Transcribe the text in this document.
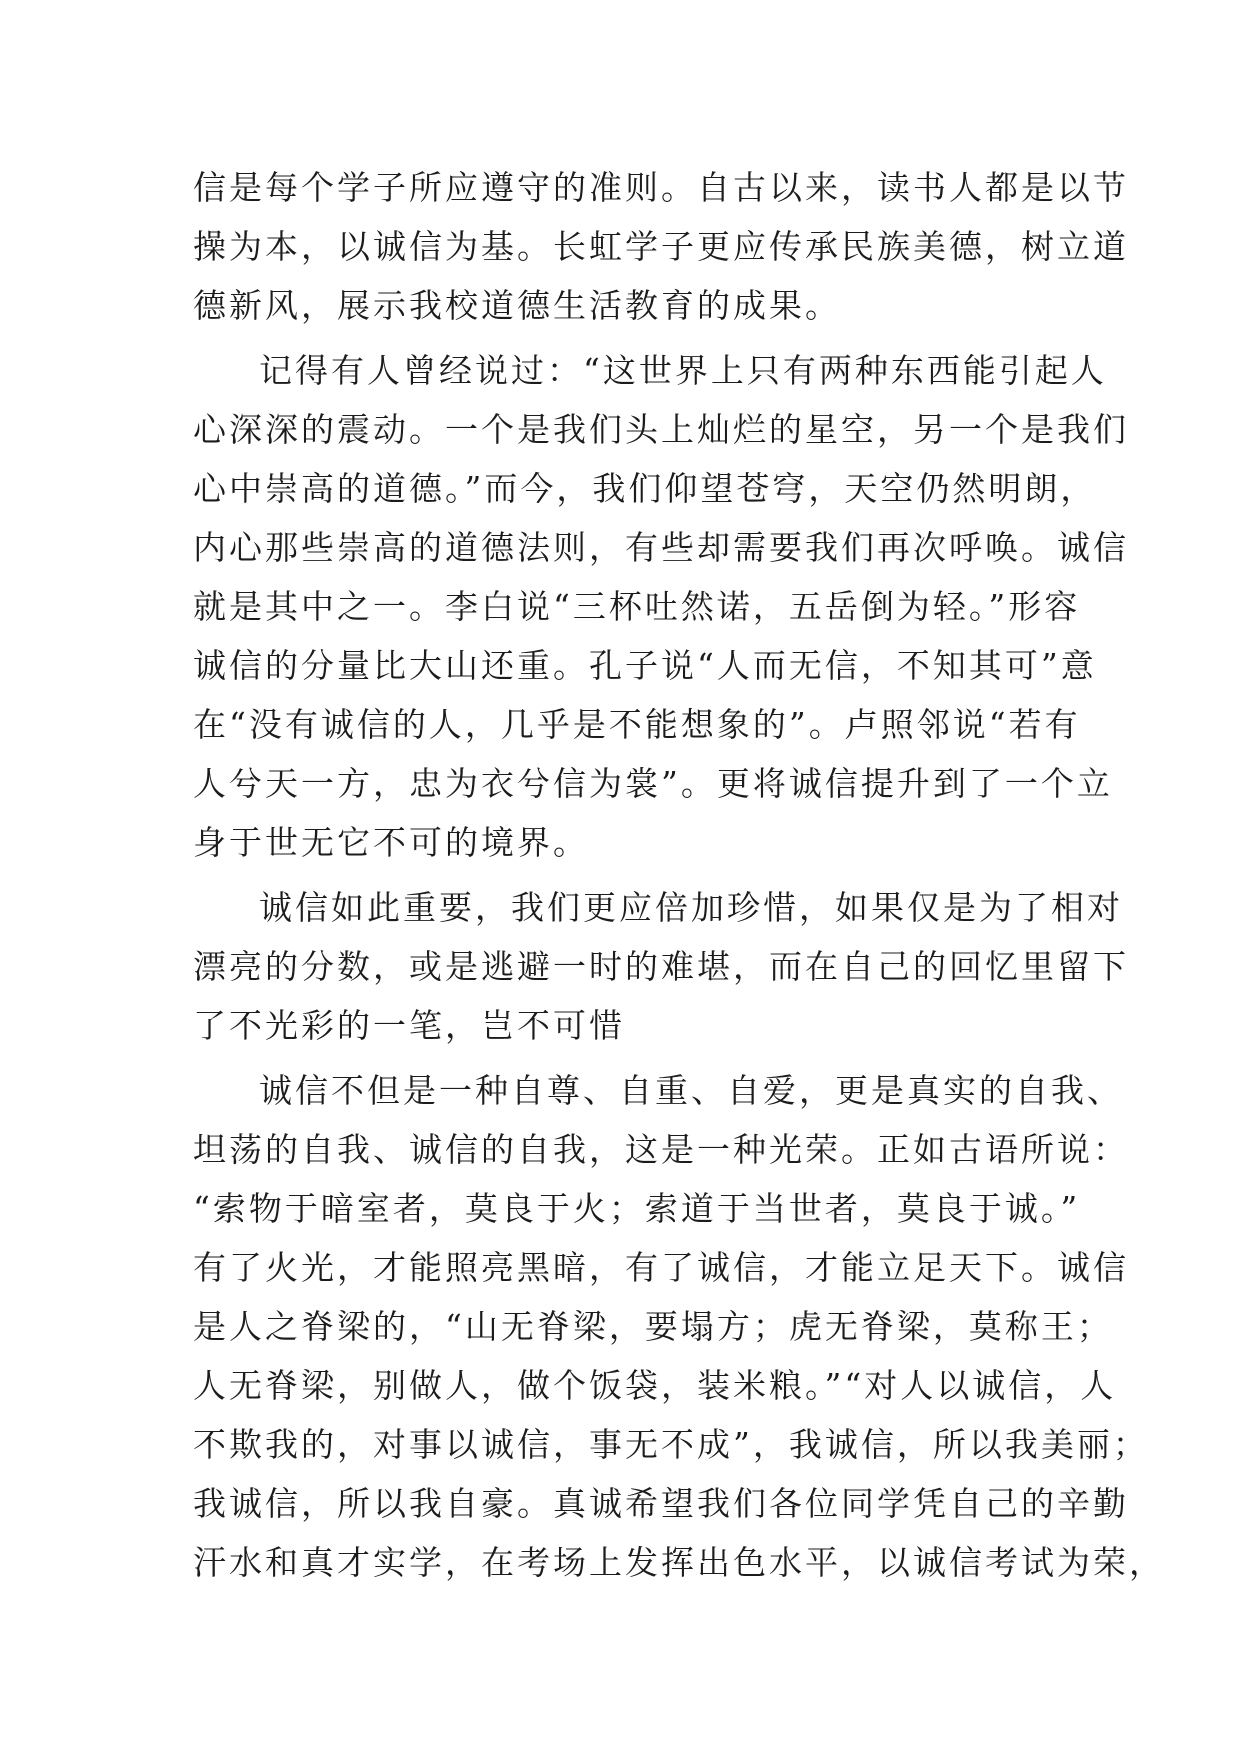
信是每个学子所应遵守的准则。自古以来，读书人都是以节
操为本，以诚信为基。长虹学子更应传承民族美德，树立道
德新风，展示我校道德生活教育的成果。
记得有人曾经说过：“这世界上只有两种东西能引起人
心深深的震动。一个是我们头上灿烂的星空，另一个是我们
心中崇高的道德。”而今，我们仰望苍穹，天空仍然明朗，
内心那些崇高的道德法则，有些却需要我们再次呼唤。诚信
就是其中之一。李白说“三杯吐然诺，五岳倒为轻。”形容
诚信的分量比大山还重。孔子说“人而无信，不知其可”意
在“没有诚信的人，几乎是不能想象的”。卢照邻说“若有
人兮天一方，忠为衣兮信为裳”。更将诚信提升到了一个立
身于世无它不可的境界。
诚信如此重要，我们更应倍加珍惜，如果仅是为了相对
漂亮的分数，或是逃避一时的难堪，而在自己的回忆里留下
了不光彩的一笔，岂不可惜
诚信不但是一种自尊、自重、自爱，更是真实的自我、
坦荡的自我、诚信的自我，这是一种光荣。正如古语所说：
“索物于暗室者，莫良于火；索道于当世者，莫良于诚。”
有了火光，才能照亮黑暗，有了诚信，才能立足天下。诚信
是人之脊梁的，“山无脊梁，要塌方；虎无脊梁，莫称王；
人无脊梁，别做人，做个饭袋，装米粮。”“对人以诚信，人
不欺我的，对事以诚信，事无不成”，我诚信，所以我美丽；
我诚信，所以我自豪。真诚希望我们各位同学凭自己的辛勤
汗水和真才实学，在考场上发挥出色水平，以诚信考试为荣，
